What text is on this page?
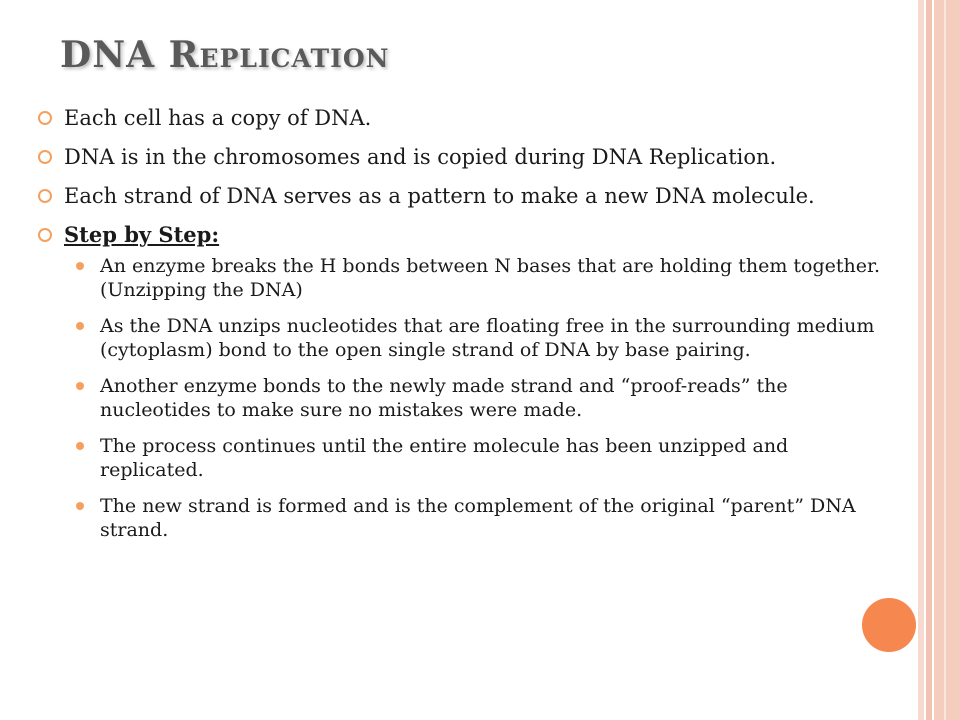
DNA Replication
Each cell has a copy of DNA.
DNA is in the chromosomes and is copied during DNA Replication.
Each strand of DNA serves as a pattern to make a new DNA molecule.
Step by Step:
An enzyme breaks the H bonds between N bases that are holding them together. (Unzipping the DNA)
As the DNA unzips nucleotides that are floating free in the surrounding medium (cytoplasm) bond to the open single strand of DNA by base pairing.
Another enzyme bonds to the newly made strand and “proof-reads” the nucleotides to make sure no mistakes were made.
The process continues until the entire molecule has been unzipped and replicated.
The new strand is formed and is the complement of the original “parent” DNA strand.
